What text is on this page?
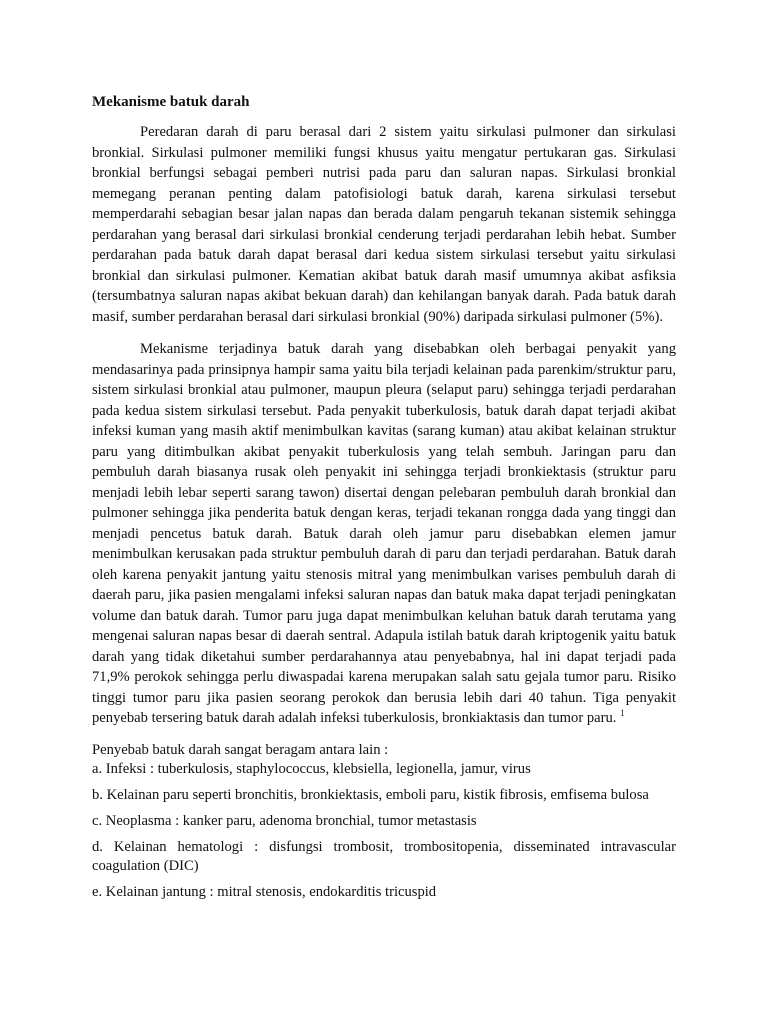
Mekanisme batuk darah

Peredaran darah di paru berasal dari 2 sistem yaitu sirkulasi pulmoner dan sirkulasi bronkial. Sirkulasi pulmoner memiliki fungsi khusus yaitu mengatur pertukaran gas. Sirkulasi bronkial berfungsi sebagai pemberi nutrisi pada paru dan saluran napas. Sirkulasi bronkial memegang peranan penting dalam patofisiologi batuk darah, karena sirkulasi tersebut memperdarahi sebagian besar jalan napas dan berada dalam pengaruh tekanan sistemik sehingga perdarahan yang berasal dari sirkulasi bronkial cenderung terjadi perdarahan lebih hebat. Sumber perdarahan pada batuk darah dapat berasal dari kedua sistem sirkulasi tersebut yaitu sirkulasi bronkial dan sirkulasi pulmoner. Kematian akibat batuk darah masif umumnya akibat asfiksia (tersumbatnya saluran napas akibat bekuan darah) dan kehilangan banyak darah. Pada batuk darah masif, sumber perdarahan berasal dari sirkulasi bronkial (90%) daripada sirkulasi pulmoner (5%).

Mekanisme terjadinya batuk darah yang disebabkan oleh berbagai penyakit yang mendasarinya pada prinsipnya hampir sama yaitu bila terjadi kelainan pada parenkim/struktur paru, sistem sirkulasi bronkial atau pulmoner, maupun pleura (selaput paru) sehingga terjadi perdarahan pada kedua sistem sirkulasi tersebut. Pada penyakit tuberkulosis, batuk darah dapat terjadi akibat infeksi kuman yang masih aktif menimbulkan kavitas (sarang kuman) atau akibat kelainan struktur paru yang ditimbulkan akibat penyakit tuberkulosis yang telah sembuh. Jaringan paru dan pembuluh darah biasanya rusak oleh penyakit ini sehingga terjadi bronkiektasis (struktur paru menjadi lebih lebar seperti sarang tawon) disertai dengan pelebaran pembuluh darah bronkial dan pulmoner sehingga jika penderita batuk dengan keras, terjadi tekanan rongga dada yang tinggi dan menjadi pencetus batuk darah. Batuk darah oleh jamur paru disebabkan elemen jamur menimbulkan kerusakan pada struktur pembuluh darah di paru dan terjadi perdarahan. Batuk darah oleh karena penyakit jantung yaitu stenosis mitral yang menimbulkan varises pembuluh darah di daerah paru, jika pasien mengalami infeksi saluran napas dan batuk maka dapat terjadi peningkatan volume dan batuk darah. Tumor paru juga dapat menimbulkan keluhan batuk darah terutama yang mengenai saluran napas besar di daerah sentral. Adapula istilah batuk darah kriptogenik yaitu batuk darah yang tidak diketahui sumber perdarahannya atau penyebabnya, hal ini dapat terjadi pada 71,9% perokok sehingga perlu diwaspadai karena merupakan salah satu gejala tumor paru. Risiko tinggi tumor paru jika pasien seorang perokok dan berusia lebih dari 40 tahun. Tiga penyakit penyebab tersering batuk darah adalah infeksi tuberkulosis, bronkiaktasis dan tumor paru. $^1$

Penyebab batuk darah sangat beragam antara lain :
a. Infeksi : tuberkulosis, staphylococcus, klebsiella, legionella, jamur, virus
b. Kelainan paru seperti bronchitis, bronkiektasis, emboli paru, kistik fibrosis, emfisema bulosa
c. Neoplasma : kanker paru, adenoma bronchial, tumor metastasis
d. Kelainan hematologi : disfungsi trombosit, trombositopenia, disseminated intravascular coagulation (DIC)
e. Kelainan jantung : mitral stenosis, endokarditis tricuspid
